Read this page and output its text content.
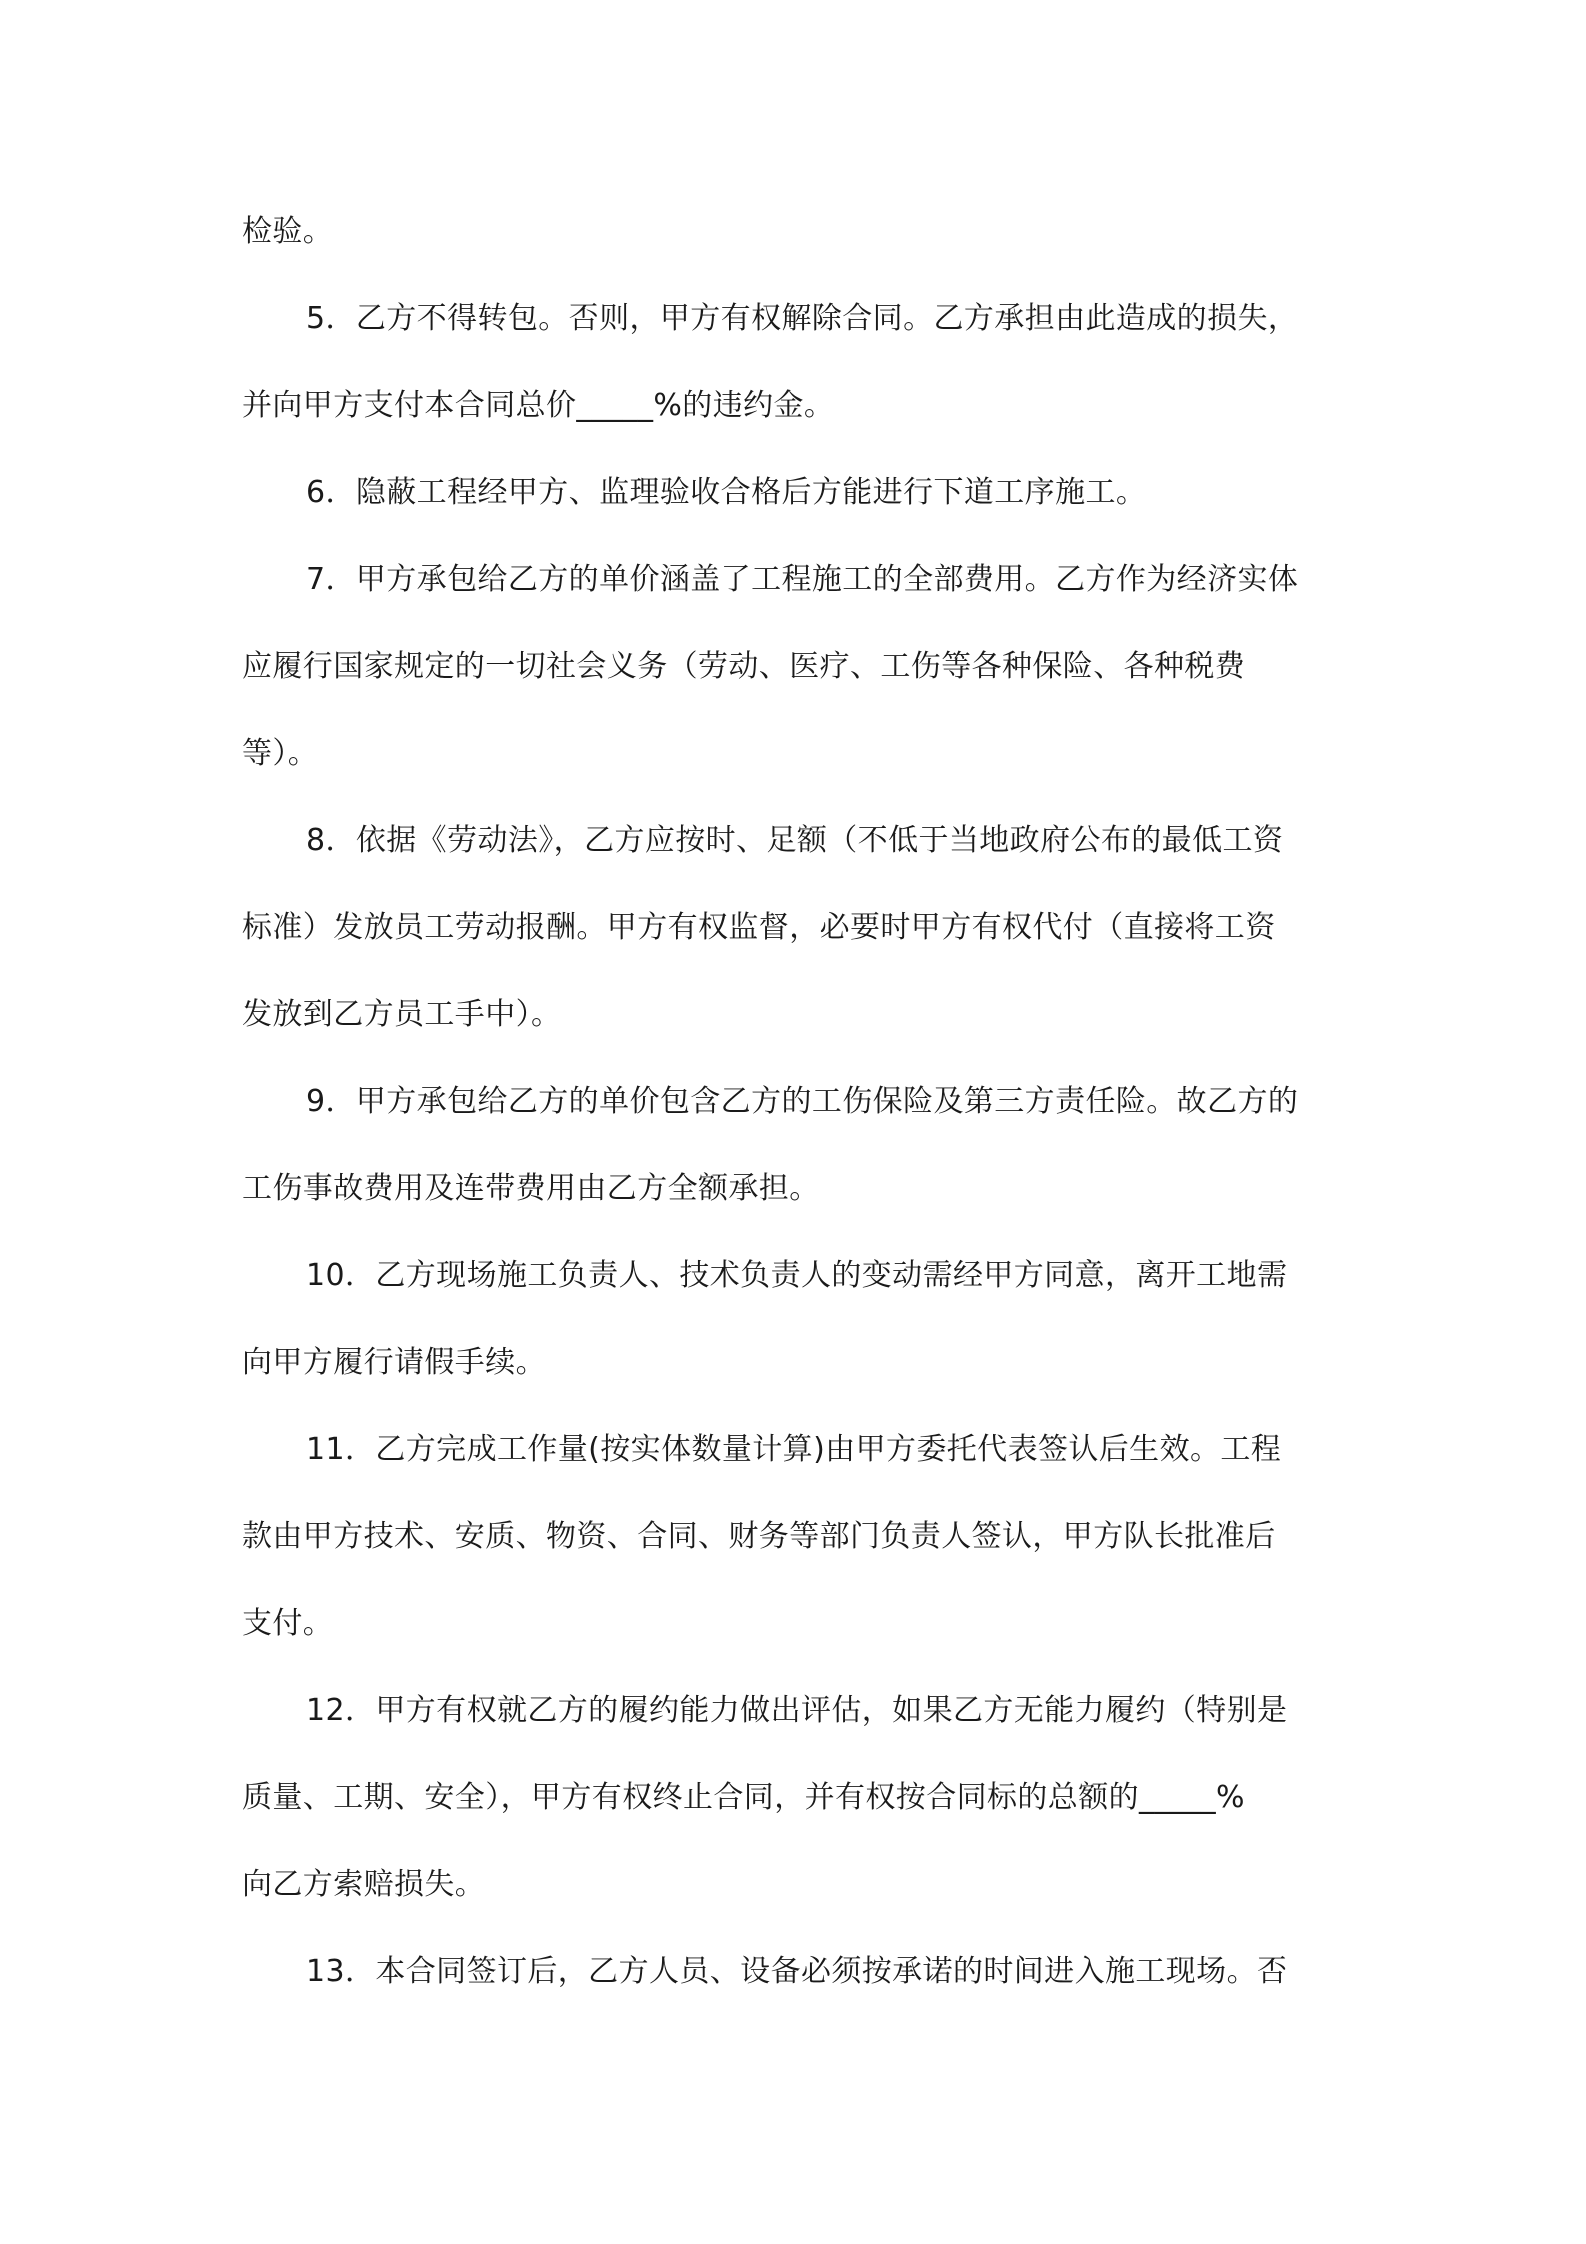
检验。

5．乙方不得转包。否则，甲方有权解除合同。乙方承担由此造成的损失，
并向甲方支付本合同总价_____%的违约金。

6．隐蔽工程经甲方、监理验收合格后方能进行下道工序施工。

7．甲方承包给乙方的单价涵盖了工程施工的全部费用。乙方作为经济实体
应履行国家规定的一切社会义务（劳动、医疗、工伤等各种保险、各种税费
等）。

8．依据《劳动法》，乙方应按时、足额（不低于当地政府公布的最低工资
标准）发放员工劳动报酬。甲方有权监督，必要时甲方有权代付（直接将工资
发放到乙方员工手中）。

9．甲方承包给乙方的单价包含乙方的工伤保险及第三方责任险。故乙方的
工伤事故费用及连带费用由乙方全额承担。

10．乙方现场施工负责人、技术负责人的变动需经甲方同意，离开工地需
向甲方履行请假手续。

11．乙方完成工作量(按实体数量计算)由甲方委托代表签认后生效。工程
款由甲方技术、安质、物资、合同、财务等部门负责人签认，甲方队长批准后
支付。

12．甲方有权就乙方的履约能力做出评估，如果乙方无能力履约（特别是
质量、工期、安全），甲方有权终止合同，并有权按合同标的总额的_____%
向乙方索赔损失。

13．本合同签订后，乙方人员、设备必须按承诺的时间进入施工现场。否
